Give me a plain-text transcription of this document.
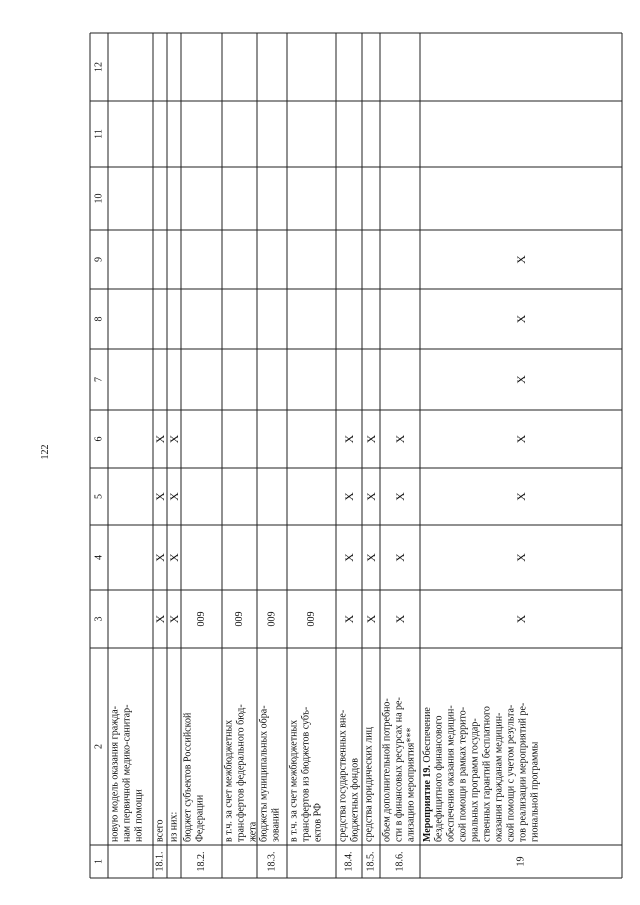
122
1
2
3
4
5
6
7
8
9
10
11
12
новую модель оказания гражда- нам первичной медико-санитар- ной помощи
18.1.
всего
X
X
X
X
из них:
X
X
X
X
18.2.
бюджет субъектов Российской Федерации
009
в т.ч. за счет межбюджетных трансфертов федерального бюд- жета
009
18.3.
бюджеты муниципальных обра- зований
009
в т.ч. за счет межбюджетных трансфертов из бюджетов субъ- ектов РФ
009
18.4.
средства государственных вне- бюджетных фондов
X
X
X
X
18.5.
средства юридических лиц
X
X
X
X
18.6.
объем дополнительной потребно- сти в финансовых ресурсах на ре- ализацию мероприятия***
X
X
X
X
19
Мероприятие 19. Обеспечение бездефицитного финансового обеспечения оказания медицин- ской помощи в рамках террито- риальных программ государ- ственных гарантий бесплатного оказания гражданам медицин- ской помощи с учетом результа- тов реализации мероприятий ре- гиональной программы
X
X
X
X
X
X
X
